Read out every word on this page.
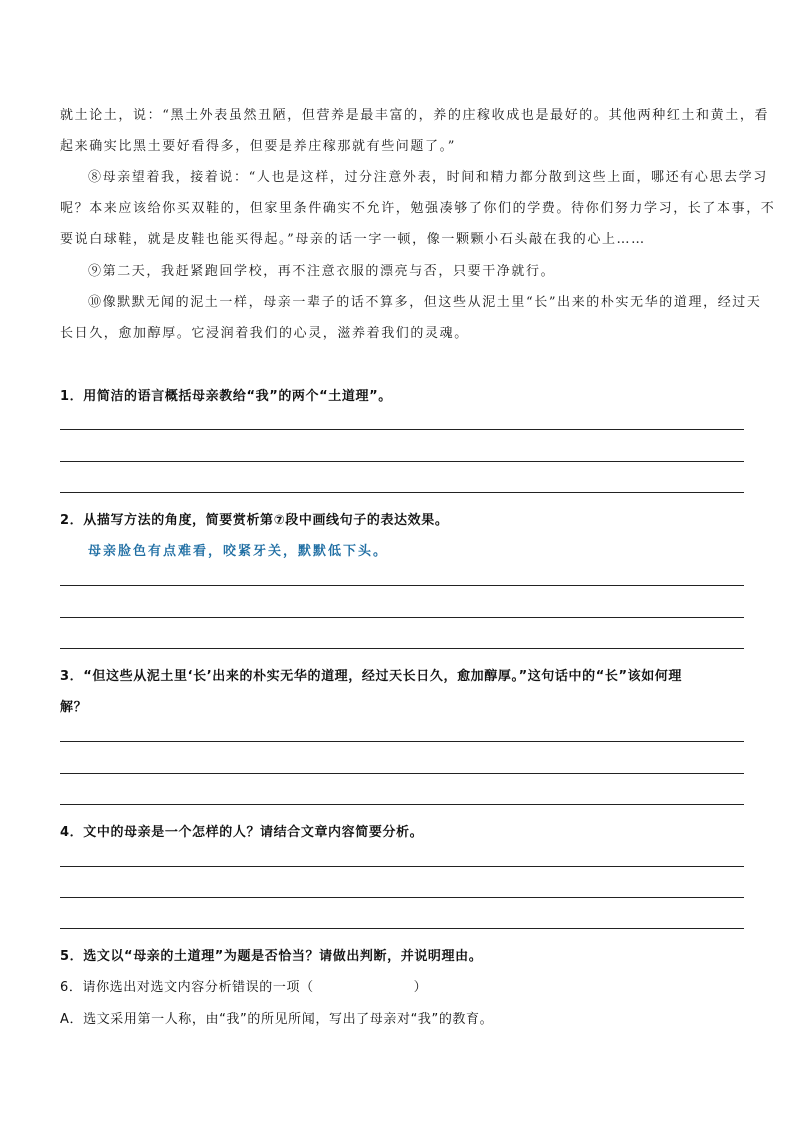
就土论土，说：“黑土外表虽然丑陋，但营养是最丰富的，养的庄稼收成也是最好的。其他两种红土和黄土，看
起来确实比黑土要好看得多，但要是养庄稼那就有些问题了。”
⑧母亲望着我，接着说：“人也是这样，过分注意外表，时间和精力都分散到这些上面，哪还有心思去学习
呢？本来应该给你买双鞋的，但家里条件确实不允许，勉强凑够了你们的学费。待你们努力学习，长了本事，不
要说白球鞋，就是皮鞋也能买得起。”母亲的话一字一顿，像一颗颗小石头敲在我的心上……
⑨第二天，我赶紧跑回学校，再不注意衣服的漂亮与否，只要干净就行。
⑩像默默无闻的泥土一样，母亲一辈子的话不算多，但这些从泥土里“长”出来的朴实无华的道理，经过天
长日久，愈加醇厚。它浸润着我们的心灵，滋养着我们的灵魂。
1．用简洁的语言概括母亲教给“我”的两个“土道理”。
2．从描写方法的角度，简要赏析第⑦段中画线句子的表达效果。
母亲脸色有点难看，咬紧牙关，默默低下头。
3．“但这些从泥土里‘长’出来的朴实无华的道理，经过天长日久，愈加醇厚。”这句话中的“长”该如何理
解？
4．文中的母亲是一个怎样的人？请结合文章内容简要分析。
5．选文以“母亲的土道理”为题是否恰当？请做出判断，并说明理由。
6．请你选出对选文内容分析错误的一项（	）
A．选文采用第一人称，由“我”的所见所闻，写出了母亲对“我”的教育。
